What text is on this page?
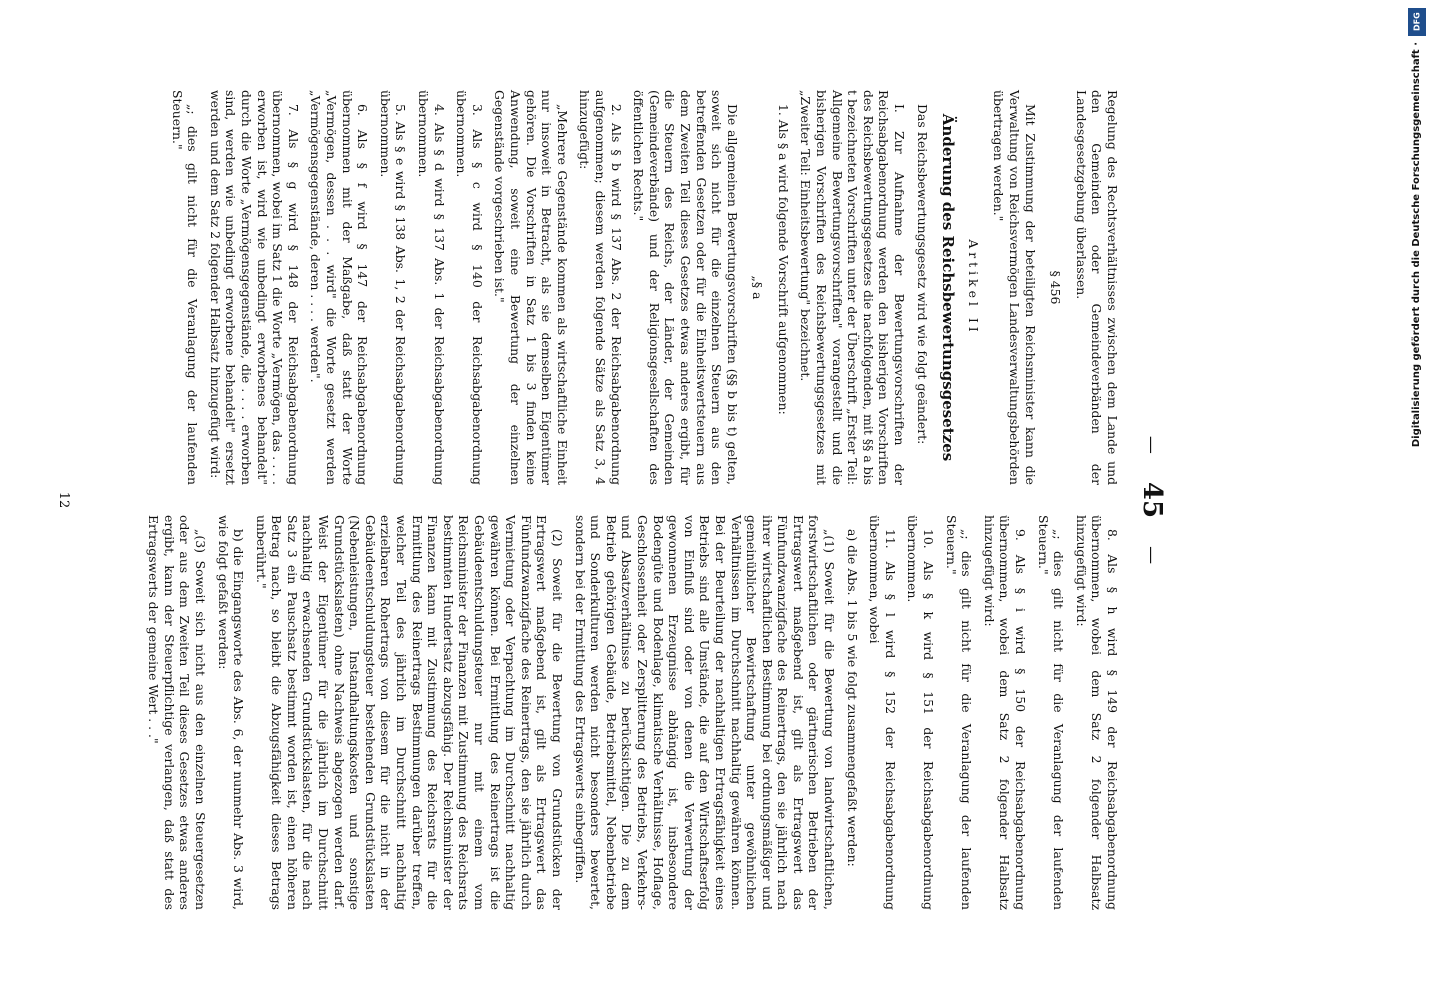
—
45
—

Regelung des Rechtsverhältnisses zwischen dem Lande und den Gemeinden oder Gemeindeverbänden der Landesgesetzgebung überlassen.

§ 456

Mit Zustimmung der beteiligten Reichsminister kann die Verwaltung von Reichsvermögen Landesverwaltungsbehörden übertragen werden."

Artikel II

Änderung des Reichsbewertungsgesetzes

Das Reichsbewertungsgesetz wird wie folgt geändert:

I. Zur Aufnahme der Bewertungsvorschriften der Reichsabgabenordnung werden den bisherigen Vorschriften des Reichsbewertungsgesetzes die nachfolgenden, mit §§ a bis t bezeichneten Vorschriften unter der Überschrift „Erster Teil: Allgemeine Bewertungsvorschriften" vorangestellt und die bisherigen Vorschriften des Reichsbewertungsgesetzes mit „Zweiter Teil: Einheitsbewertung" bezeichnet.

1. Als § a wird folgende Vorschrift aufgenommen:

„§ a

Die allgemeinen Bewertungsvorschriften (§§ b bis t) gelten, soweit sich nicht für die einzelnen Steuern aus den betreffenden Gesetzen oder für die Einheitswertsteuern aus dem Zweiten Teil dieses Gesetzes etwas anderes ergibt, für die Steuern des Reichs, der Länder, der Gemeinden (Gemeindeverbände) und der Religionsgesellschaften des öffentlichen Rechts."

2. Als § b wird § 137 Abs. 2 der Reichsabgabenordnung aufgenommen; diesem werden folgende Sätze als Satz 3, 4 hinzugefügt:

„Mehrere Gegenstände kommen als wirtschaftliche Einheit nur insoweit in Betracht, als sie demselben Eigentümer gehören. Die Vorschriften in Satz 1 bis 3 finden keine Anwendung, soweit eine Bewertung der einzelnen Gegenstände vorgeschrieben ist."

3. Als § c wird § 140 der Reichsabgabenordnung übernommen.

4. Als § d wird § 137 Abs. 1 der Reichsabgabenordnung übernommen.

5. Als § e wird § 138 Abs. 1, 2 der Reichsabgabenordnung übernommen.

6. Als § f wird § 147 der Reichsabgabenordnung übernommen mit der Maßgabe, daß statt der Worte „Vermögen, dessen . . . wird" die Worte gesetzt werden „Vermögensgegenstände, deren . . . . werden".

7. Als § g wird § 148 der Reichsabgabenordnung übernommen, wobei im Satz 1 die Worte „Vermögen, das . . . . erworben ist, wird wie unbedingt erworbenes behandelt" durch die Worte „Vermögensgegenstände, die . . . . erworben sind, werden wie unbedingt erworbene behandelt" ersetzt werden und dem Satz 2 folgender Halbsatz hinzugefügt wird:

„; dies gilt nicht für die Veranlagung der laufenden Steuern."

8. Als § h wird § 149 der Reichsabgabenordnung übernommen, wobei dem Satz 2 folgender Halbsatz hinzugefügt wird:

„; dies gilt nicht für die Veranlagung der laufenden Steuern."

9. Als § i wird § 150 der Reichsabgabenordnung übernommen, wobei dem Satz 2 folgender Halbsatz hinzugefügt wird:

„; dies gilt nicht für die Veranlagung der laufenden Steuern."

10. Als § k wird § 151 der Reichsabgabenordnung übernommen.

11. Als § l wird § 152 der Reichsabgabenordnung übernommen, wobei

a) die Abs. 1 bis 5 wie folgt zusammengefaßt werden:

„(1) Soweit für die Bewertung von landwirtschaftlichen, forstwirtschaftlichen oder gärtnerischen Betrieben der Ertragswert maßgebend ist, gilt als Ertragswert das Fünfundzwanzigfache des Reinertrags, den sie jährlich nach ihrer wirtschaftlichen Bestimmung bei ordnungsmäßiger und gemeinüblicher Bewirtschaftung unter gewöhnlichen Verhältnissen im Durchschnitt nachhaltig gewähren können. Bei der Beurteilung der nachhaltigen Ertragsfähigkeit eines Betriebs sind alle Umstände, die auf den Wirtschaftserfolg von Einfluß sind oder von denen die Verwertung der gewonnenen Erzeugnisse abhängig ist, insbesondere Bodengüte und Bodenlage, klimatische Verhältnisse, Hoflage, Geschlossenheit oder Zersplitterung des Betriebs, Verkehrs- und Absatzverhältnisse zu berücksichtigen. Die zu dem Betrieb gehörigen Gebäude, Betriebsmittel, Nebenbetriebe und Sonderkulturen werden nicht besonders bewertet, sondern bei der Ermittlung des Ertragswerts einbegriffen.

(2) Soweit für die Bewertung von Grundstücken der Ertragswert maßgebend ist, gilt als Ertragswert das Fünfundzwanzigfache des Reinertrags, den sie jährlich durch Vermietung oder Verpachtung im Durchschnitt nachhaltig gewähren können. Bei Ermittlung des Reinertrags ist die Gebäudeentschuldungsteuer nur mit einem vom Reichsminister der Finanzen mit Zustimmung des Reichsrats bestimmten Hundertsatz abzugsfähig. Der Reichsminister der Finanzen kann mit Zustimmung des Reichsrats für die Ermittlung des Reinertrags Bestimmungen darüber treffen, welcher Teil des jährlich im Durchschnitt nachhaltig erzielbaren Rohertrags von diesem für die nicht in der Gebäudeentschuldungsteuer bestehenden Grundstückslasten (Nebenleistungen, Instandhaltungskosten und sonstige Grundstückslasten) ohne Nachweis abgezogen werden darf. Weist der Eigentümer für die jährlich im Durchschnitt nachhaltig erwachsenden Grundstückslasten, für die nach Satz 3 ein Pauschsatz bestimmt worden ist, einen höheren Betrag nach, so bleibt die Abzugsfähigkeit dieses Betrags unberührt."

b) die Eingangsworte des Abs. 6, der nunmehr Abs. 3 wird, wie folgt gefaßt werden:

„(3) Soweit sich nicht aus den einzelnen Steuergesetzen oder aus dem Zweiten Teil dieses Gesetzes etwas anderes ergibt, kann der Steuerpflichtige verlangen, daß statt des Ertragswerts der gemeine Wert . . ."

12
DFG
Digitalisierung gefördert durch die Deutsche Forschungsgemeinschaft ·
